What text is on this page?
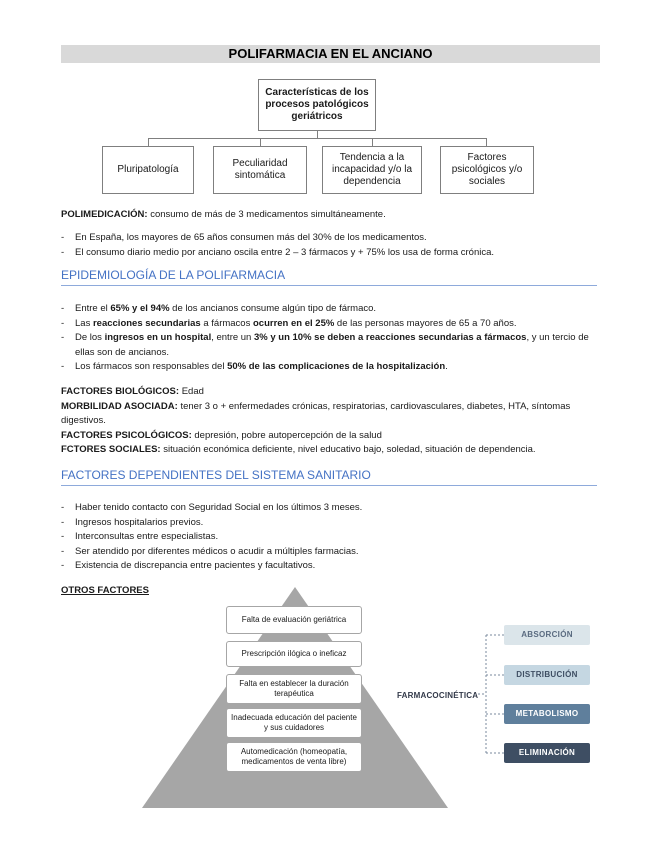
POLIFARMACIA EN EL ANCIANO
Características de los procesos patológicos geriátricos
Pluripatología
Peculiaridad sintomática
Tendencia a la incapacidad y/o la dependencia
Factores psicológicos y/o sociales
POLIMEDICACIÓN: consumo de más de 3 medicamentos simultáneamente.
- En España, los mayores de 65 años consumen más del 30% de los medicamentos.
- El consumo diario medio por anciano oscila entre 2 – 3 fármacos y + 75% los usa de forma crónica.
EPIDEMIOLOGÍA DE LA POLIFARMACIA
- Entre el 65% y el 94% de los ancianos consume algún tipo de fármaco.
- Las reacciones secundarias a fármacos ocurren en el 25% de las personas mayores de 65 a 70 años.
- De los ingresos en un hospital, entre un 3% y un 10% se deben a reacciones secundarias a fármacos, y un tercio de ellas son de ancianos.
- Los fármacos son responsables del 50% de las complicaciones de la hospitalización.
FACTORES BIOLÓGICOS: Edad
MORBILIDAD ASOCIADA: tener 3 o + enfermedades crónicas, respiratorias, cardiovasculares, diabetes, HTA, síntomas digestivos.
FACTORES PSICOLÓGICOS: depresión, pobre autopercepción de la salud
FCTORES SOCIALES: situación económica deficiente, nivel educativo bajo, soledad, situación de dependencia.
FACTORES DEPENDIENTES DEL SISTEMA SANITARIO
- Haber tenido contacto con Seguridad Social en los últimos 3 meses.
- Ingresos hospitalarios previos.
- Interconsultas entre especialistas.
- Ser atendido por diferentes médicos o acudir a múltiples farmacias.
- Existencia de discrepancia entre pacientes y facultativos.
OTROS FACTORES
Falta de evaluación geriátrica
Prescripción ilógica o ineficaz
Falta en establecer la duración terapéutica
Inadecuada educación del paciente y sus cuidadores
Automedicación (homeopatía, medicamentos de venta libre)
FARMACOCINÉTICA
ABSORCIÓN
DISTRIBUCIÓN
METABOLISMO
ELIMINACIÓN
